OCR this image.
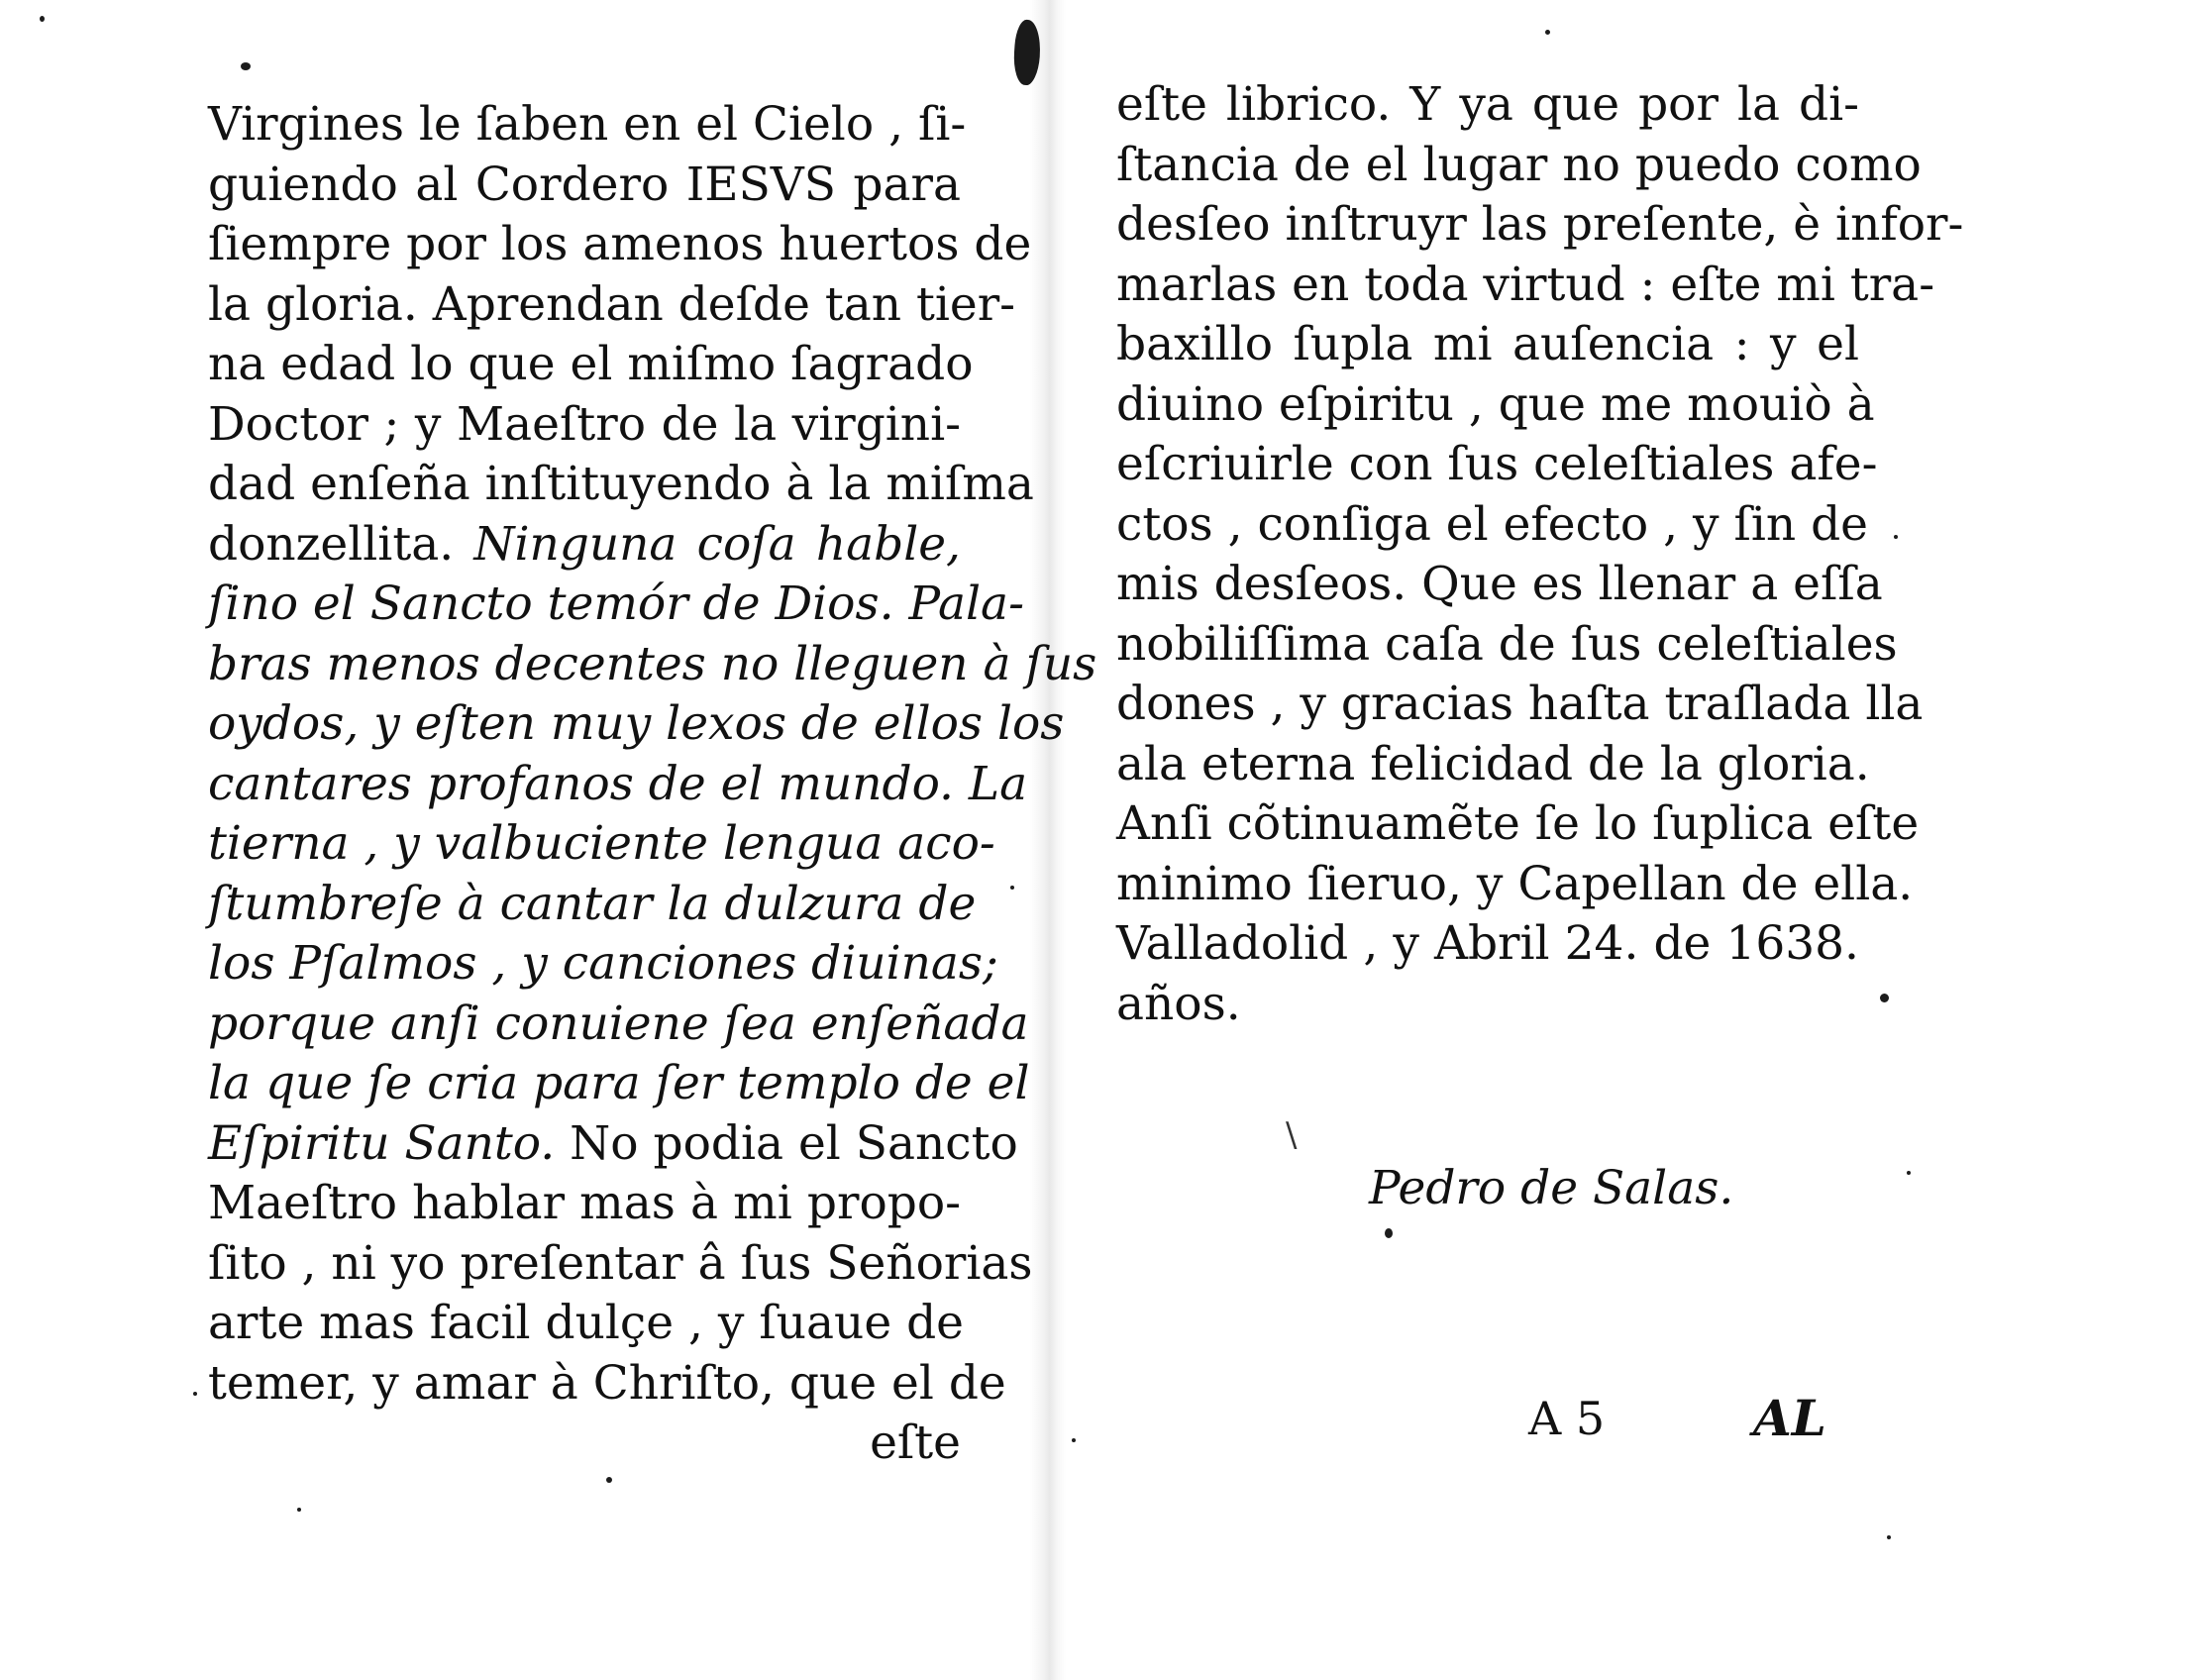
Virgines le ſaben en el Cielo , ſi-
guiendo al Cordero IESVS para
ſiempre por los amenos huertos de
la gloria. Aprendan deſde tan tier-
na edad lo que el miſmo ſagrado
Doctor ; y Maeſtro de la virgini-
dad enſeña inſtituyendo à la miſma
donzellita. Ninguna coſa hable,
ſino el Sancto temór de Dios. Pala-
bras menos decentes no lleguen à ſus
oydos, y eſten muy lexos de ellos los
cantares profanos de el mundo. La
tierna , y valbuciente lengua aco-
ſtumbreſe à cantar la dulzura de
los Pſalmos , y canciones diuinas;
porque anſi conuiene ſea enſeñada
la que ſe cria para ſer templo de el
Eſpiritu Santo. No podia el Sancto
Maeſtro hablar mas à mi propo-
ſito , ni yo preſentar â ſus Señorias
arte mas facil dulçe , y ſuaue de
temer, y amar à Chriſto, que el de
eſte
eſte librico. Y ya que por la di-
ſtancia de el lugar no puedo como
desſeo inſtruyr las preſente, è infor-
marlas en toda virtud : eſte mi tra-
baxillo ſupla mi auſencia : y el
diuino eſpiritu , que me mouiò à
eſcriuirle con ſus celeſtiales afe-
ctos , conſiga el efecto , y ſin de
mis desſeos. Que es llenar a eſſa
nobiliſſima caſa de ſus celeſtiales
dones , y gracias haſta traſlada lla
ala eterna felicidad de la gloria.
Anſi cõtinuamẽte ſe lo ſuplica eſte
minimo ſieruo, y Capellan de ella.
Valladolid , y Abril 24. de 1638.
años.
\
Pedro de Salas.
A 5	AL
